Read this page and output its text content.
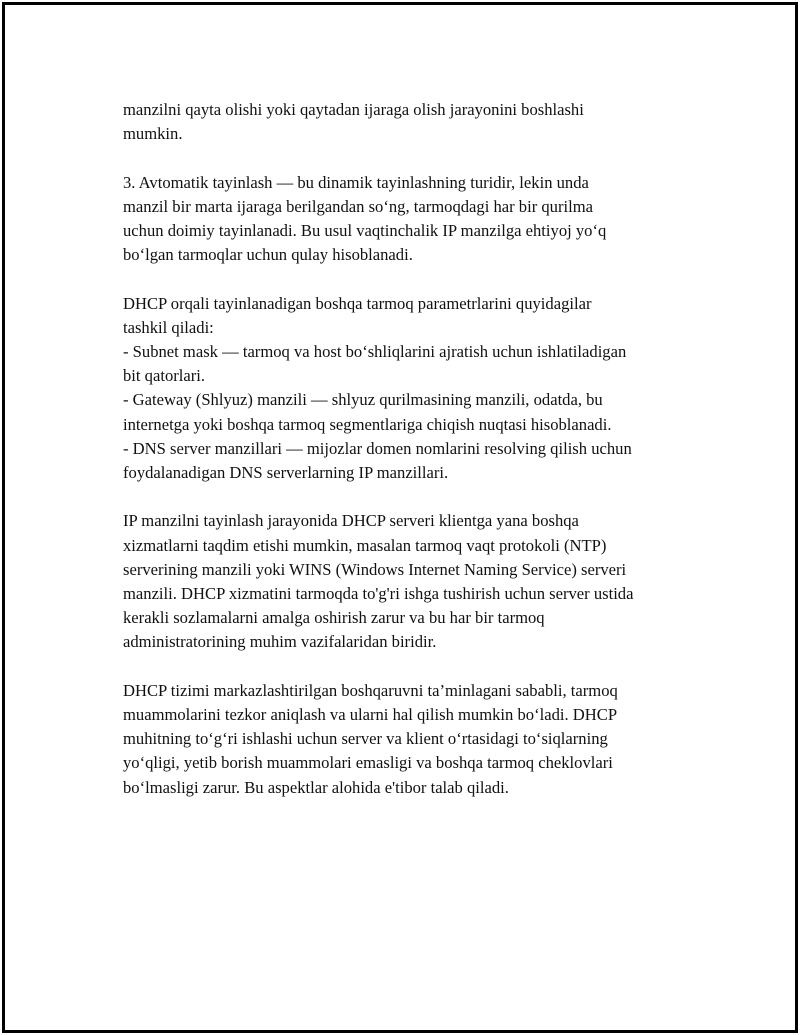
manzilni qayta olishi yoki qaytadan ijaraga olish jarayonini boshlashi
mumkin.

3. Avtomatik tayinlash — bu dinamik tayinlashning turidir, lekin unda
manzil bir marta ijaraga berilgandan so‘ng, tarmoqdagi har bir qurilma
uchun doimiy tayinlanadi. Bu usul vaqtinchalik IP manzilga ehtiyoj yo‘q
bo‘lgan tarmoqlar uchun qulay hisoblanadi.

DHCP orqali tayinlanadigan boshqa tarmoq parametrlarini quyidagilar
tashkil qiladi:
- Subnet mask — tarmoq va host bo‘shliqlarini ajratish uchun ishlatiladigan
bit qatorlari.
- Gateway (Shlyuz) manzili — shlyuz qurilmasining manzili, odatda, bu
internetga yoki boshqa tarmoq segmentlariga chiqish nuqtasi hisoblanadi.
- DNS server manzillari — mijozlar domen nomlarini resolving qilish uchun
foydalanadigan DNS serverlarning IP manzillari.

IP manzilni tayinlash jarayonida DHCP serveri klientga yana boshqa
xizmatlarni taqdim etishi mumkin, masalan tarmoq vaqt protokoli (NTP)
serverining manzili yoki WINS (Windows Internet Naming Service) serveri
manzili. DHCP xizmatini tarmoqda to'g'ri ishga tushirish uchun server ustida
kerakli sozlamalarni amalga oshirish zarur va bu har bir tarmoq
administratorining muhim vazifalaridan biridir.

DHCP tizimi markazlashtirilgan boshqaruvni ta’minlagani sababli, tarmoq
muammolarini tezkor aniqlash va ularni hal qilish mumkin bo‘ladi. DHCP
muhitning to‘g‘ri ishlashi uchun server va klient o‘rtasidagi to‘siqlarning
yo‘qligi, yetib borish muammolari emasligi va boshqa tarmoq cheklovlari
bo‘lmasligi zarur. Bu aspektlar alohida e'tibor talab qiladi.
